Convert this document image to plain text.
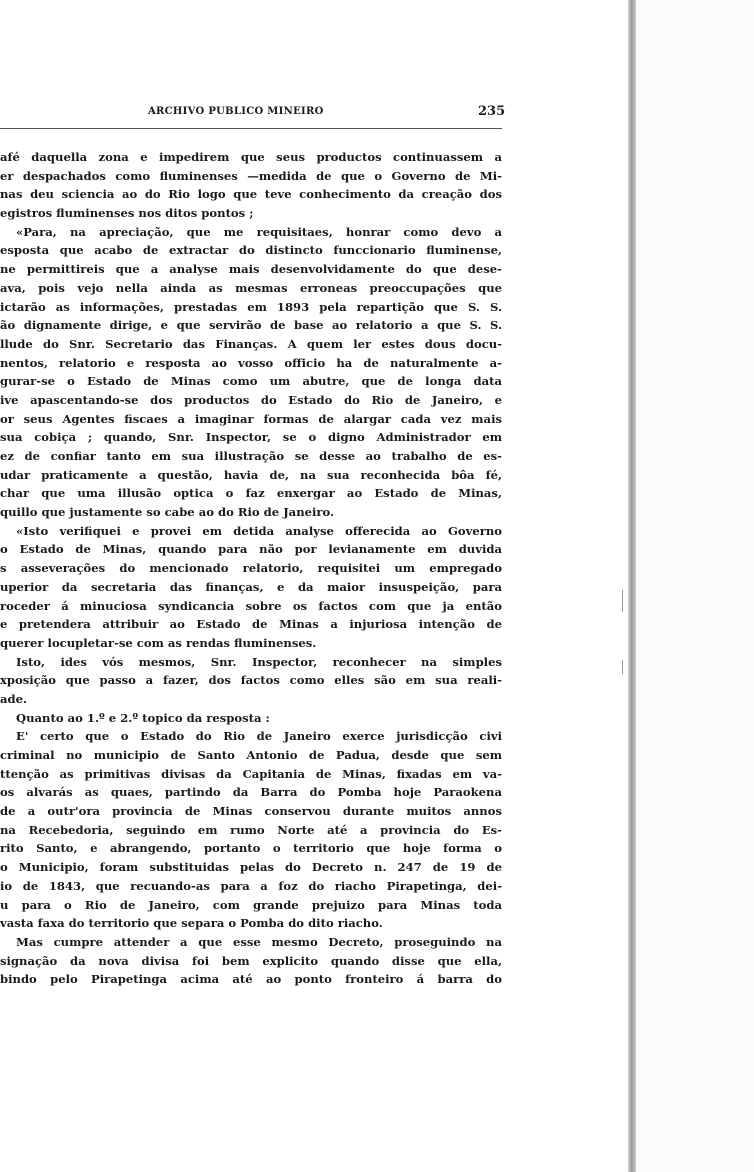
ARCHIVO PUBLICO MINEIRO	235
afé daquella zona e impedirem que seus productos continuassem a
er despachados como fluminenses —medida de que o Governo de Mi-
nas deu sciencia ao do Rio logo que teve conhecimento da creação dos
egistros fluminenses nos ditos pontos ;
«Para, na apreciação, que me requisitaes, honrar como devo a
esposta que acabo de extractar do distincto funccionario fluminense,
ne permittireis que a analyse mais desenvolvidamente do que dese-
ava, pois vejo nella ainda as mesmas erroneas preoccupações que
ictarão as informações, prestadas em 1893 pela repartição que S. S.
ão dignamente dirige, e que servirão de base ao relatorio a que S. S.
llude do Snr. Secretario das Finanças. A quem ler estes dous docu-
nentos, relatorio e resposta ao vosso officio ha de naturalmente a-
gurar-se o Estado de Minas como um abutre, que de longa data
ive apascentando-se dos productos do Estado do Rio de Janeiro, e
or seus Agentes fiscaes a imaginar formas de alargar cada vez mais
sua cobiça ; quando, Snr. Inspector, se o digno Administrador em
ez de confiar tanto em sua illustração se desse ao trabalho de es-
udar praticamente a questão, havia de, na sua reconhecida bôa fé,
char que uma illusão optica o faz enxergar ao Estado de Minas,
quillo que justamente so cabe ao do Rio de Janeiro.
«Isto verifiquei e provei em detida analyse offerecida ao Governo
o Estado de Minas, quando para não por levianamente em duvida
s asseverações do mencionado relatorio, requisitei um empregado
uperior da secretaria das finanças, e da maior insuspeição, para
roceder á minuciosa syndicancia sobre os factos com que ja então
e pretendera attribuir ao Estado de Minas a injuriosa intenção de
querer locupletar-se com as rendas fluminenses.
Isto, ides vós mesmos, Snr. Inspector, reconhecer na simples
xposição que passo a fazer, dos factos como elles são em sua reali-
ade.
Quanto ao 1.º e 2.º topico da resposta :
E' certo que o Estado do Rio de Janeiro exerce jurisdicção civi
criminal no municipio de Santo Antonio de Padua, desde que sem
ttenção as primitivas divisas da Capitania de Minas, fixadas em va-
os alvarás as quaes, partindo da Barra do Pomba hoje Paraokena
de a outr'ora provincia de Minas conservou durante muitos annos
na Recebedoria, seguindo em rumo Norte até a provincia do Es-
rito Santo, e abrangendo, portanto o territorio que hoje forma o
o Municipio, foram substituidas pelas do Decreto n. 247 de 19 de
io de 1843, que recuando-as para a foz do riacho Pirapetinga, dei-
u para o Rio de Janeiro, com grande prejuizo para Minas toda
vasta faxa do territorio que separa o Pomba do dito riacho.
Mas cumpre attender a que esse mesmo Decreto, proseguindo na
signação da nova divisa foi bem explicito quando disse que ella,
bindo pelo Pirapetinga acima até ao ponto fronteiro á barra do
